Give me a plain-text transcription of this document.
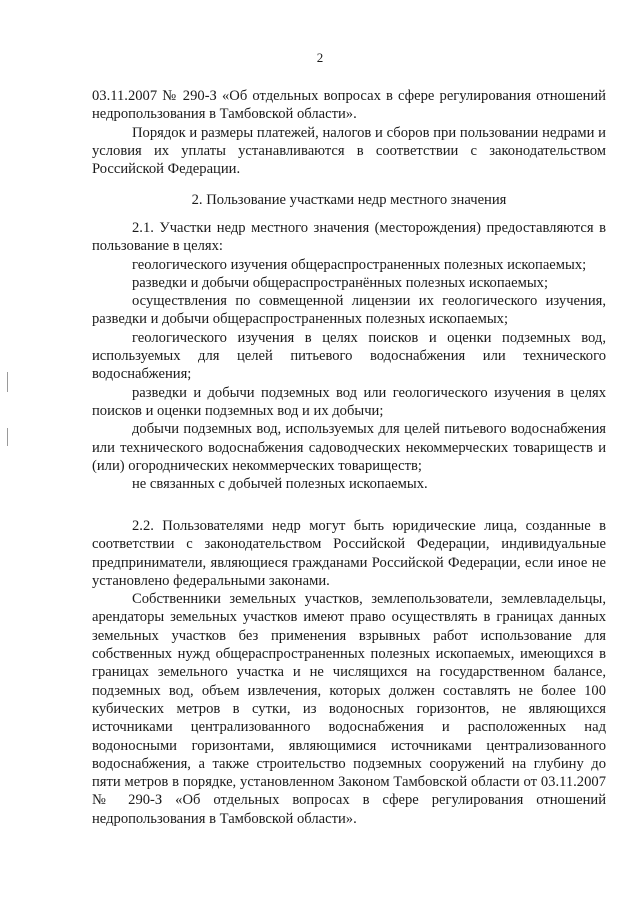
2

03.11.2007 № 290-З «Об отдельных вопросах в сфере регулирования отношений недропользования в Тамбовской области».

Порядок и размеры платежей, налогов и сборов при пользовании недрами и условия их уплаты устанавливаются в соответствии с законодательством Российской Федерации.

2. Пользование участками недр местного значения

2.1. Участки недр местного значения (месторождения) предоставляются в пользование в целях:

геологического изучения общераспространенных полезных ископаемых;

разведки и добычи общераспространённых полезных ископаемых;

осуществления по совмещенной лицензии их геологического изучения, разведки и добычи общераспространенных полезных ископаемых;

геологического изучения в целях поисков и оценки подземных вод, используемых для целей питьевого водоснабжения или технического водоснабжения;

разведки и добычи подземных вод или геологического изучения в целях поисков и оценки подземных вод и их добычи;

добычи подземных вод, используемых для целей питьевого водоснабжения или технического водоснабжения садоводческих некоммерческих товариществ и (или) огороднических некоммерческих товариществ;

не связанных с добычей полезных ископаемых.

2.2. Пользователями недр могут быть юридические лица, созданные в соответствии с законодательством Российской Федерации, индивидуальные предприниматели, являющиеся гражданами Российской Федерации, если иное не установлено федеральными законами.

Собственники земельных участков, землепользователи, землевладельцы, арендаторы земельных участков имеют право осуществлять в границах данных земельных участков без применения взрывных работ использование для собственных нужд общераспространенных полезных ископаемых, имеющихся в границах земельного участка и не числящихся на государственном балансе, подземных вод, объем извлечения, которых должен составлять не более 100 кубических метров в сутки, из водоносных горизонтов, не являющихся источниками централизованного водоснабжения и расположенных над водоносными горизонтами, являющимися источниками централизованного водоснабжения, а также строительство подземных сооружений на глубину до пяти метров в порядке, установленном Законом Тамбовской области от 03.11.2007 № 290-З «Об отдельных вопросах в сфере регулирования отношений недропользования в Тамбовской области».
